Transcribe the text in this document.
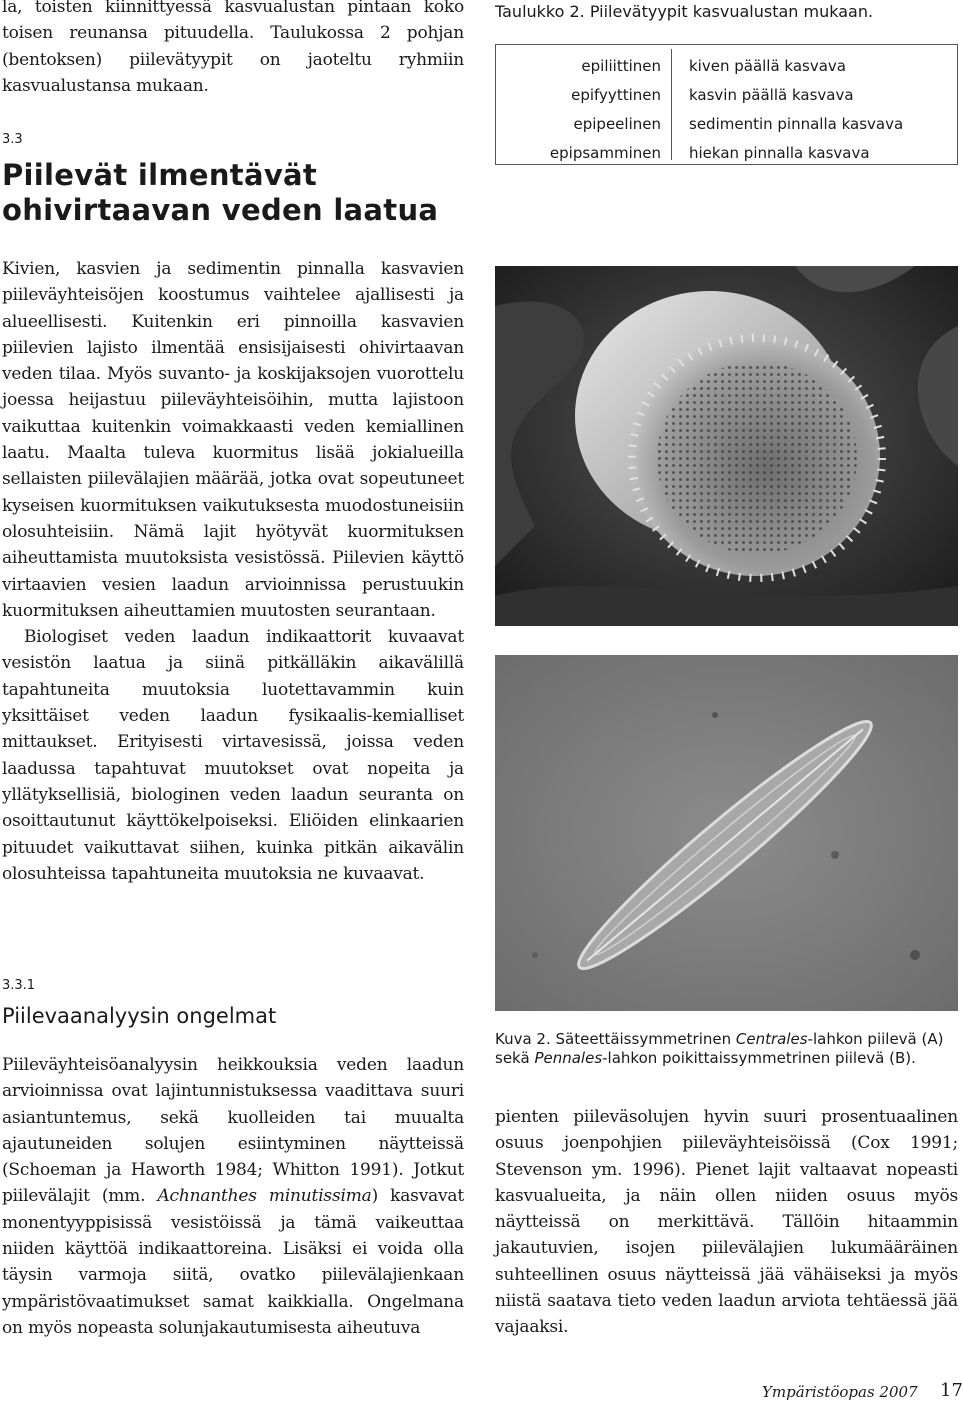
la, toisten kiinnittyessä kasvualustan pintaan koko toisen reunansa pituudella. Taulukossa 2 pohjan (bentoksen) piilevätyypit on jaoteltu ryhmiin kasvualustansa mukaan.

3.3
Piilevät ilmentävät
ohivirtaavan veden laatua

Kivien, kasvien ja sedimentin pinnalla kasvavien piileväyhteisöjen koostumus vaihtelee ajallisesti ja alueellisesti. Kuitenkin eri pinnoilla kasvavien piilevien lajisto ilmentää ensisijaisesti ohivirtaavan veden tilaa. Myös suvanto- ja koskijaksojen vuorottelu joessa heijastuu piileväyhteisöihin, mutta lajistoon vaikuttaa kuitenkin voimakkaasti veden kemiallinen laatu. Maalta tuleva kuormitus lisää jokialueilla sellaisten piilevälajien määrää, jotka ovat sopeutuneet kyseisen kuormituksen vaikutuksesta muodostuneisiin olosuhteisiin. Nämä lajit hyötyvät kuormituksen aiheuttamista muutoksista vesistössä. Piilevien käyttö virtaavien vesien laadun arvioinnissa perustuukin kuormituksen aiheuttamien muutosten seurantaan.

Biologiset veden laadun indikaattorit kuvaavat vesistön laatua ja siinä pitkälläkin aikavälillä tapahtuneita muutoksia luotettavammin kuin yksittäiset veden laadun fysikaalis-kemialliset mittaukset. Erityisesti virtavesissä, joissa veden laadussa tapahtuvat muutokset ovat nopeita ja yllätyksellisiä, biologinen veden laadun seuranta on osoittautunut käyttökelpoiseksi. Eliöiden elinkaarien pituudet vaikuttavat siihen, kuinka pitkän aikavälin olosuhteissa tapahtuneita muutoksia ne kuvaavat.

3.3.1
Piilevaanalyysin ongelmat

Piileväyhteisöanalyysin heikkouksia veden laadun arvioinnissa ovat lajintunnistuksessa vaadittava suuri asiantuntemus, sekä kuolleiden tai muualta ajautuneiden solujen esiintyminen näytteissä (Schoeman ja Haworth 1984; Whitton 1991). Jotkut piilevälajit (mm. Achnanthes minutissima) kasvavat monentyyppisissä vesistöissä ja tämä vaikeuttaa niiden käyttöä indikaattoreina. Lisäksi ei voida olla täysin varmoja siitä, ovatko piilevälajienkaan ympäristövaatimukset samat kaikkialla. Ongelmana on myös nopeasta solunjakautumisesta aiheutuva

Taulukko 2. Piilevätyypit kasvualustan mukaan.
epiliittinen kiven päällä kasvava
epifyyttinen kasvin päällä kasvava
epipeelinen sedimentin pinnalla kasvava
epipsamminen hiekan pinnalla kasvava
Kuva 2. Säteettäissymmetrinen Centrales-lahkon piilevä (A) sekä Pennales-lahkon poikittaissymmetrinen piilevä (B).

pienten piileväsolujen hyvin suuri prosentuaalinen osuus joenpohjien piileväyhteisöissä (Cox 1991; Stevenson ym. 1996). Pienet lajit valtaavat nopeasti kasvualueita, ja näin ollen niiden osuus myös näytteissä on merkittävä. Tällöin hitaammin jakautuvien, isojen piilevälajien lukumääräinen suhteellinen osuus näytteissä jää vähäiseksi ja myös niistä saatava tieto veden laadun arviota tehtäessä jää vajaaksi.

Ympäristöopas 2007 17
